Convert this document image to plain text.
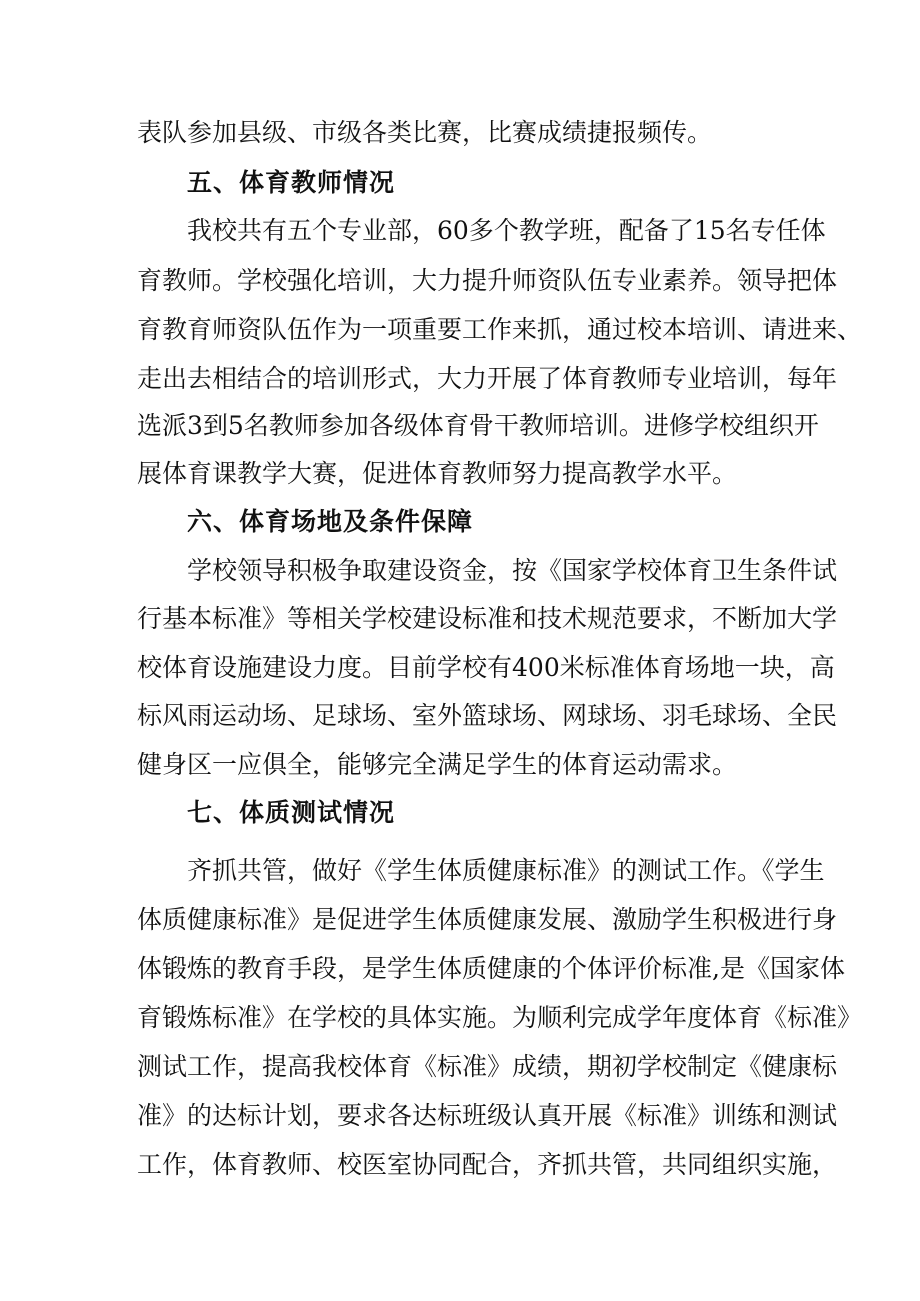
表队参加县级、市级各类比赛，比赛成绩捷报频传。
五、体育教师情况
我校共有五个专业部，60多个教学班，配备了15名专任体
育教师。学校强化培训，大力提升师资队伍专业素养。领导把体
育教育师资队伍作为一项重要工作来抓，通过校本培训、请进来、
走出去相结合的培训形式，大力开展了体育教师专业培训，每年
选派3到5名教师参加各级体育骨干教师培训。进修学校组织开
展体育课教学大赛，促进体育教师努力提高教学水平。
六、体育场地及条件保障
学校领导积极争取建设资金，按《国家学校体育卫生条件试
行基本标准》等相关学校建设标准和技术规范要求，不断加大学
校体育设施建设力度。目前学校有400米标准体育场地一块，高
标风雨运动场、足球场、室外篮球场、网球场、羽毛球场、全民
健身区一应俱全，能够完全满足学生的体育运动需求。
七、体质测试情况
齐抓共管，做好《学生体质健康标准》的测试工作。《学生
体质健康标准》是促进学生体质健康发展、激励学生积极进行身
体锻炼的教育手段，是学生体质健康的个体评价标准,是《国家体
育锻炼标准》在学校的具体实施。为顺利完成学年度体育《标准》
测试工作，提高我校体育《标准》成绩，期初学校制定《健康标
准》的达标计划，要求各达标班级认真开展《标准》训练和测试
工作，体育教师、校医室协同配合，齐抓共管，共同组织实施，
